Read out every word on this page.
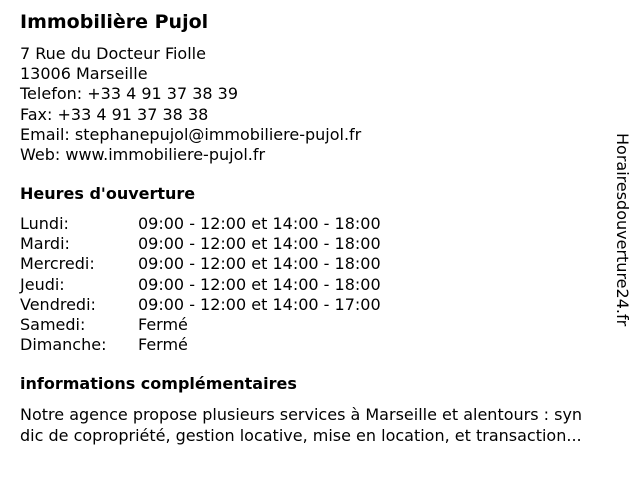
Immobilière Pujol
7 Rue du Docteur Fiolle
13006 Marseille
Telefon: +33 4 91 37 38 39
Fax: +33 4 91 37 38 38
Email: stephanepujol@immobiliere-pujol.fr
Web: www.immobiliere-pujol.fr
Heures d'ouverture
Lundi:	09:00 - 12:00 et 14:00 - 18:00
Mardi:	09:00 - 12:00 et 14:00 - 18:00
Mercredi:	09:00 - 12:00 et 14:00 - 18:00
Jeudi:	09:00 - 12:00 et 14:00 - 18:00
Vendredi:	09:00 - 12:00 et 14:00 - 17:00
Samedi:	Fermé
Dimanche: Fermé
informations complémentaires
Notre agence propose plusieurs services à Marseille et alentours : syn
dic de copropriété, gestion locative, mise en location, et transaction...
Horairesdouverture24.fr
